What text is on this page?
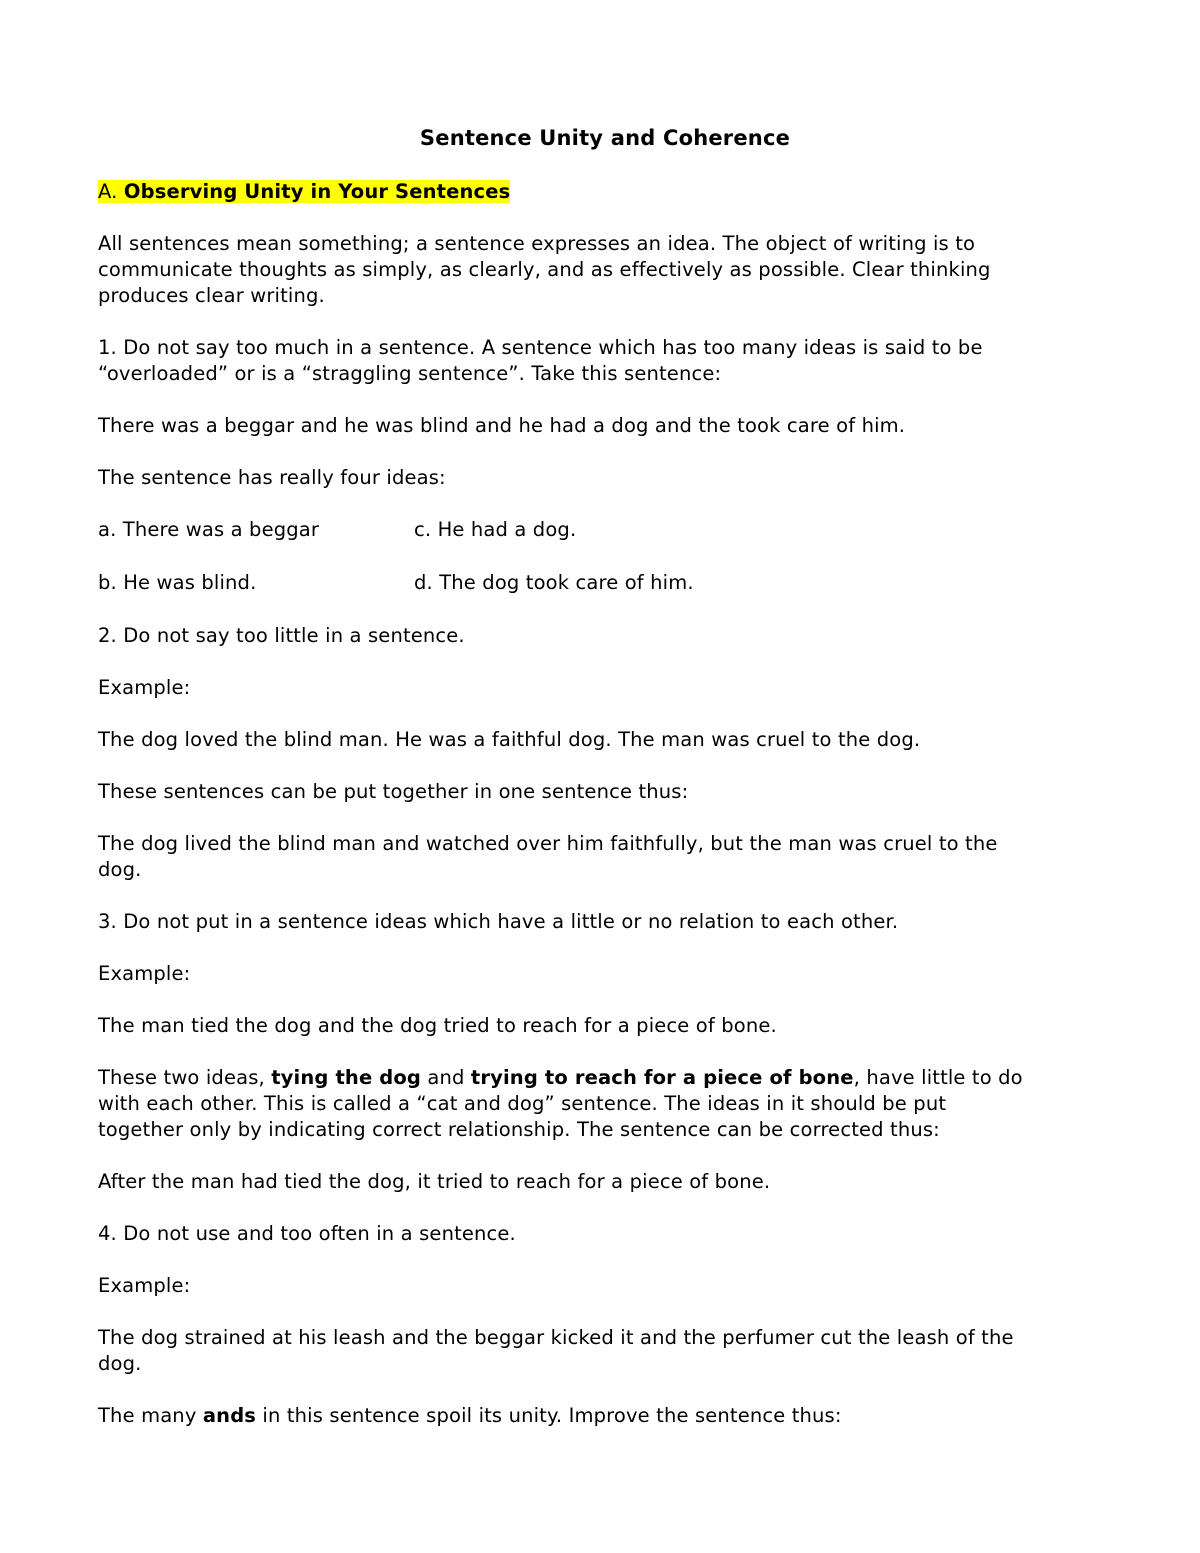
Sentence Unity and Coherence

A. Observing Unity in Your Sentences

All sentences mean something; a sentence expresses an idea. The object of writing is to
communicate thoughts as simply, as clearly, and as effectively as possible. Clear thinking
produces clear writing.

1. Do not say too much in a sentence. A sentence which has too many ideas is said to be
“overloaded” or is a “straggling sentence”. Take this sentence:

There was a beggar and he was blind and he had a dog and the took care of him.

The sentence has really four ideas:

a. There was a beggar	c. He had a dog.
b. He was blind.	d. The dog took care of him.

2. Do not say too little in a sentence.

Example:

The dog loved the blind man. He was a faithful dog. The man was cruel to the dog.

These sentences can be put together in one sentence thus:

The dog lived the blind man and watched over him faithfully, but the man was cruel to the
dog.

3. Do not put in a sentence ideas which have a little or no relation to each other.

Example:

The man tied the dog and the dog tried to reach for a piece of bone.

These two ideas, tying the dog and trying to reach for a piece of bone, have little to do
with each other. This is called a “cat and dog” sentence. The ideas in it should be put
together only by indicating correct relationship. The sentence can be corrected thus:

After the man had tied the dog, it tried to reach for a piece of bone.

4. Do not use and too often in a sentence.

Example:

The dog strained at his leash and the beggar kicked it and the perfumer cut the leash of the
dog.

The many ands in this sentence spoil its unity. Improve the sentence thus:
